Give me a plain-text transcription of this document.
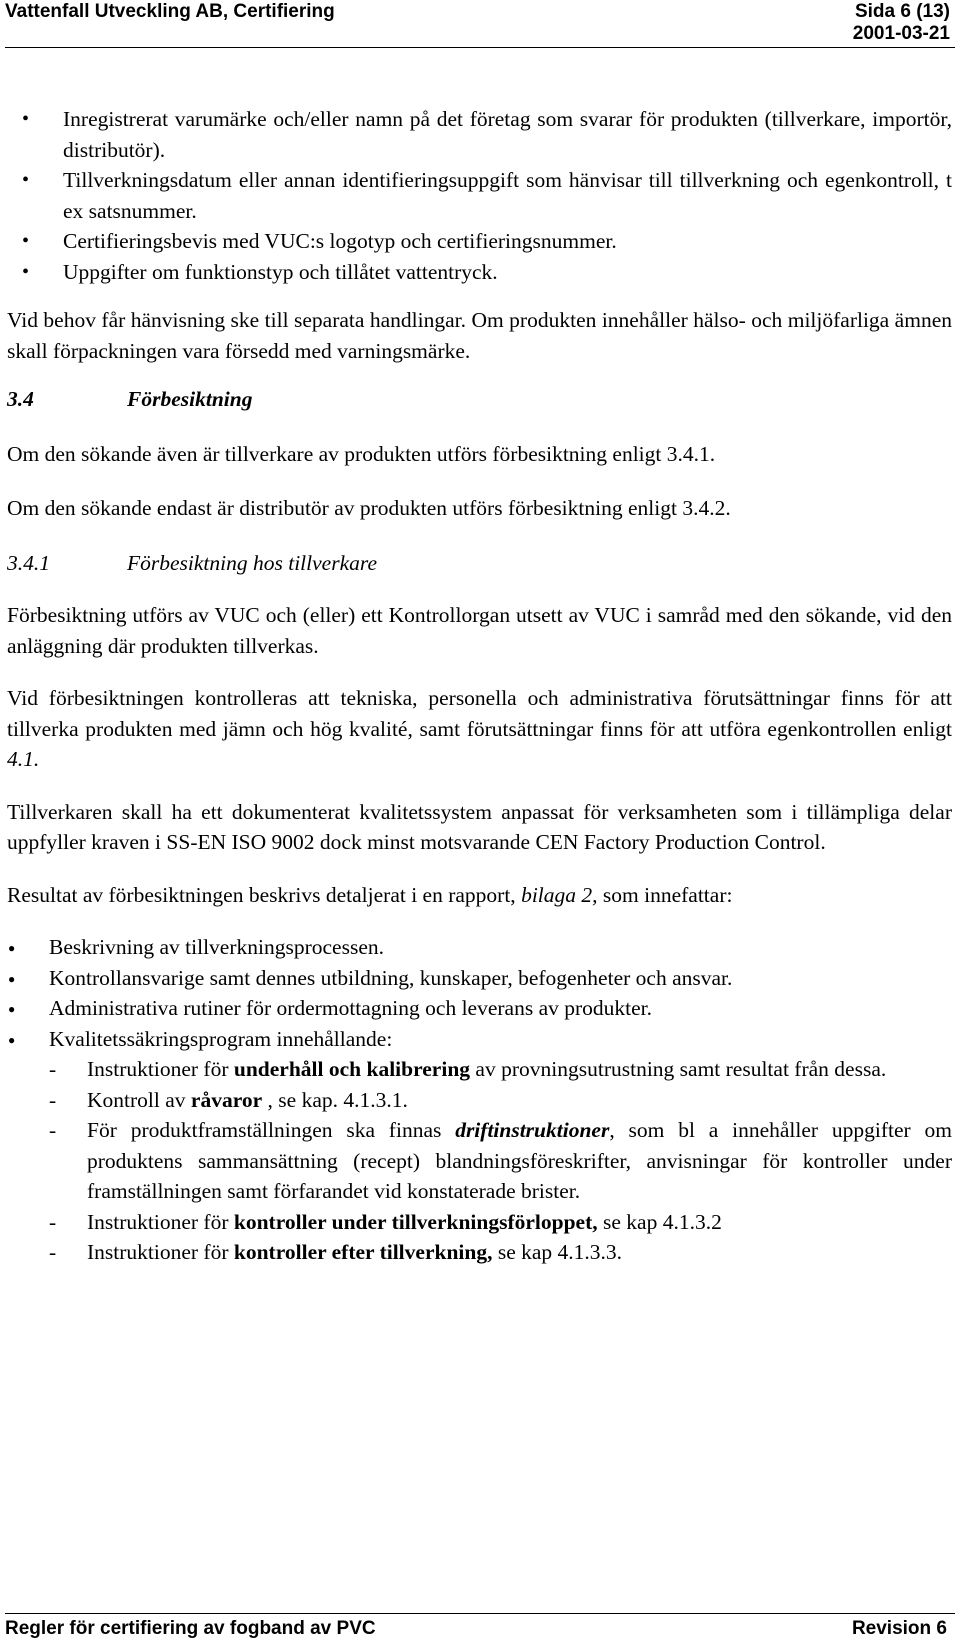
Vattenfall Utveckling AB, Certifiering	Sida 6 (13)
2001-03-21
• Inregistrerat varumärke och/eller namn på det företag som svarar för produkten (tillverkare, importör, distributör).
• Tillverkningsdatum eller annan identifieringsuppgift som hänvisar till tillverkning och egenkontroll, t ex satsnummer.
• Certifieringsbevis med VUC:s logotyp och certifieringsnummer.
• Uppgifter om funktionstyp och tillåtet vattentryck.

Vid behov får hänvisning ske till separata handlingar. Om produkten innehåller hälso- och miljöfarliga ämnen skall förpackningen vara försedd med varningsmärke.

3.4	Förbesiktning

Om den sökande även är tillverkare av produkten utförs förbesiktning enligt 3.4.1.

Om den sökande endast är distributör av produkten utförs förbesiktning enligt 3.4.2.

3.4.1	Förbesiktning hos tillverkare

Förbesiktning utförs av VUC och (eller) ett Kontrollorgan utsett av VUC i samråd med den sökande, vid den anläggning där produkten tillverkas.

Vid förbesiktningen kontrolleras att tekniska, personella och administrativa förutsättningar finns för att tillverka produkten med jämn och hög kvalité, samt förutsättningar finns för att utföra egenkontrollen enligt 4.1.

Tillverkaren skall ha ett dokumenterat kvalitetssystem anpassat för verksamheten som i tillämpliga delar uppfyller kraven i SS-EN ISO 9002 dock minst motsvarande CEN Factory Production Control.

Resultat av förbesiktningen beskrivs detaljerat i en rapport, bilaga 2, som innefattar:

● Beskrivning av tillverkningsprocessen.
● Kontrollansvarige samt dennes utbildning, kunskaper, befogenheter och ansvar.
● Administrativa rutiner för ordermottagning och leverans av produkter.
● Kvalitetssäkringsprogram innehållande:
- Instruktioner för underhåll och kalibrering av provningsutrustning samt resultat från dessa.
- Kontroll av råvaror , se kap. 4.1.3.1.
- För produktframställningen ska finnas driftinstruktioner, som bl a innehåller uppgifter om produktens sammansättning (recept) blandningsföreskrifter, anvisningar för kontroller under framställningen samt förfarandet vid konstaterade brister.
- Instruktioner för kontroller under tillverkningsförloppet, se kap 4.1.3.2
- Instruktioner för kontroller efter tillverkning, se kap 4.1.3.3.
Regler för certifiering av fogband av PVC	Revision 6
